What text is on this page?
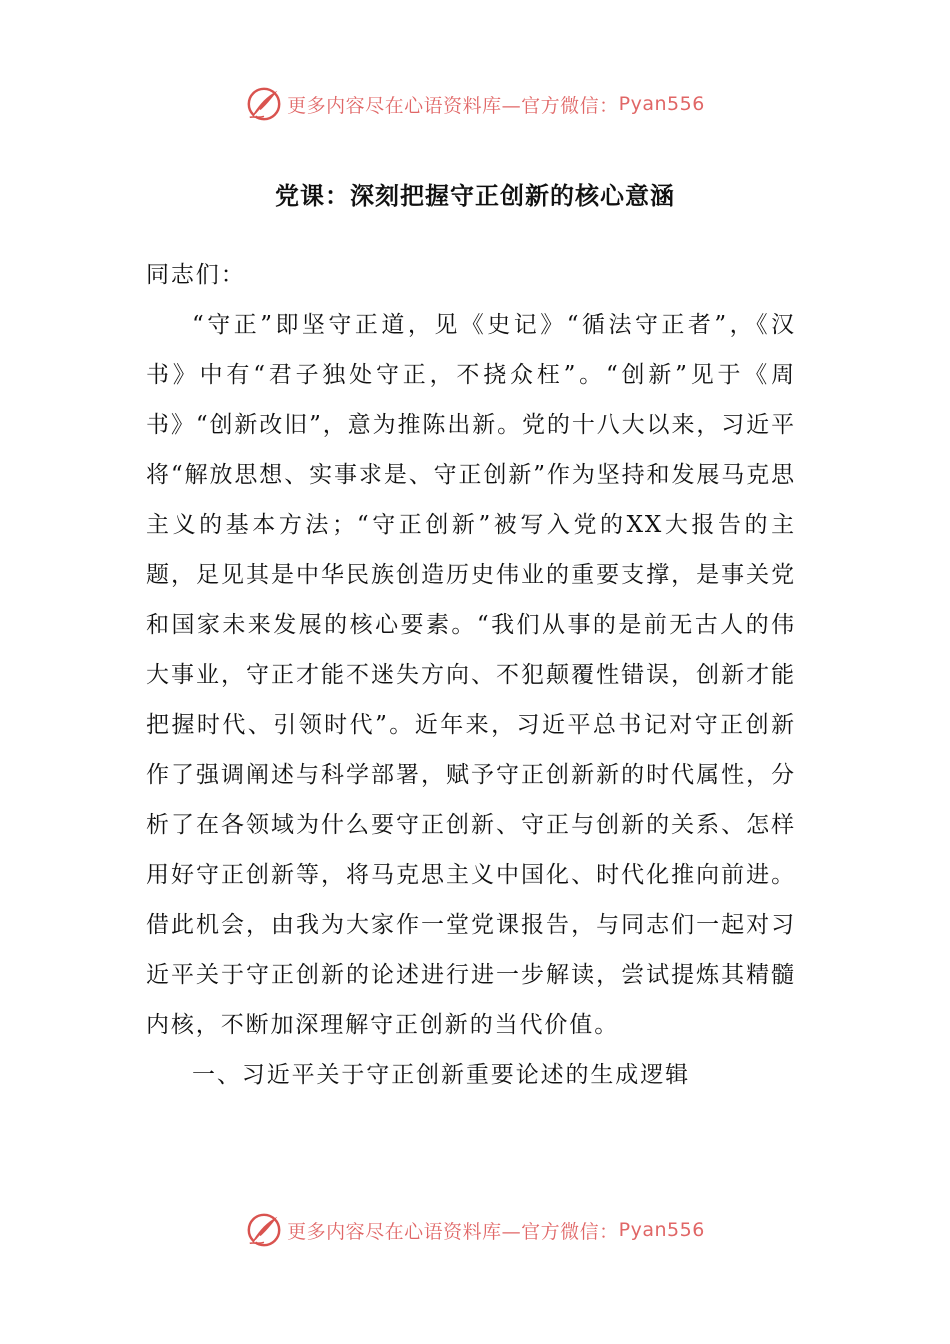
更多内容尽在心语资料库—官方微信： Pyan556
党课：深刻把握守正创新的核心意涵

同志们：

“守正”即坚守正道，见《史记》“循法守正者”，《汉书》中有“君子独处守正，不挠众枉”。“创新”见于《周书》“创新改旧”，意为推陈出新。党的十八大以来，习近平将“解放思想、实事求是、守正创新”作为坚持和发展马克思主义的基本方法；“守正创新”被写入党的XX大报告的主题，足见其是中华民族创造历史伟业的重要支撑，是事关党和国家未来发展的核心要素。“我们从事的是前无古人的伟大事业，守正才能不迷失方向、不犯颠覆性错误，创新才能把握时代、引领时代”。近年来，习近平总书记对守正创新作了强调阐述与科学部署，赋予守正创新新的时代属性，分析了在各领域为什么要守正创新、守正与创新的关系、怎样用好守正创新等，将马克思主义中国化、时代化推向前进。借此机会，由我为大家作一堂党课报告，与同志们一起对习近平关于守正创新的论述进行进一步解读，尝试提炼其精髓内核，不断加深理解守正创新的当代价值。

一、习近平关于守正创新重要论述的生成逻辑

更多内容尽在心语资料库—官方微信： Pyan556
